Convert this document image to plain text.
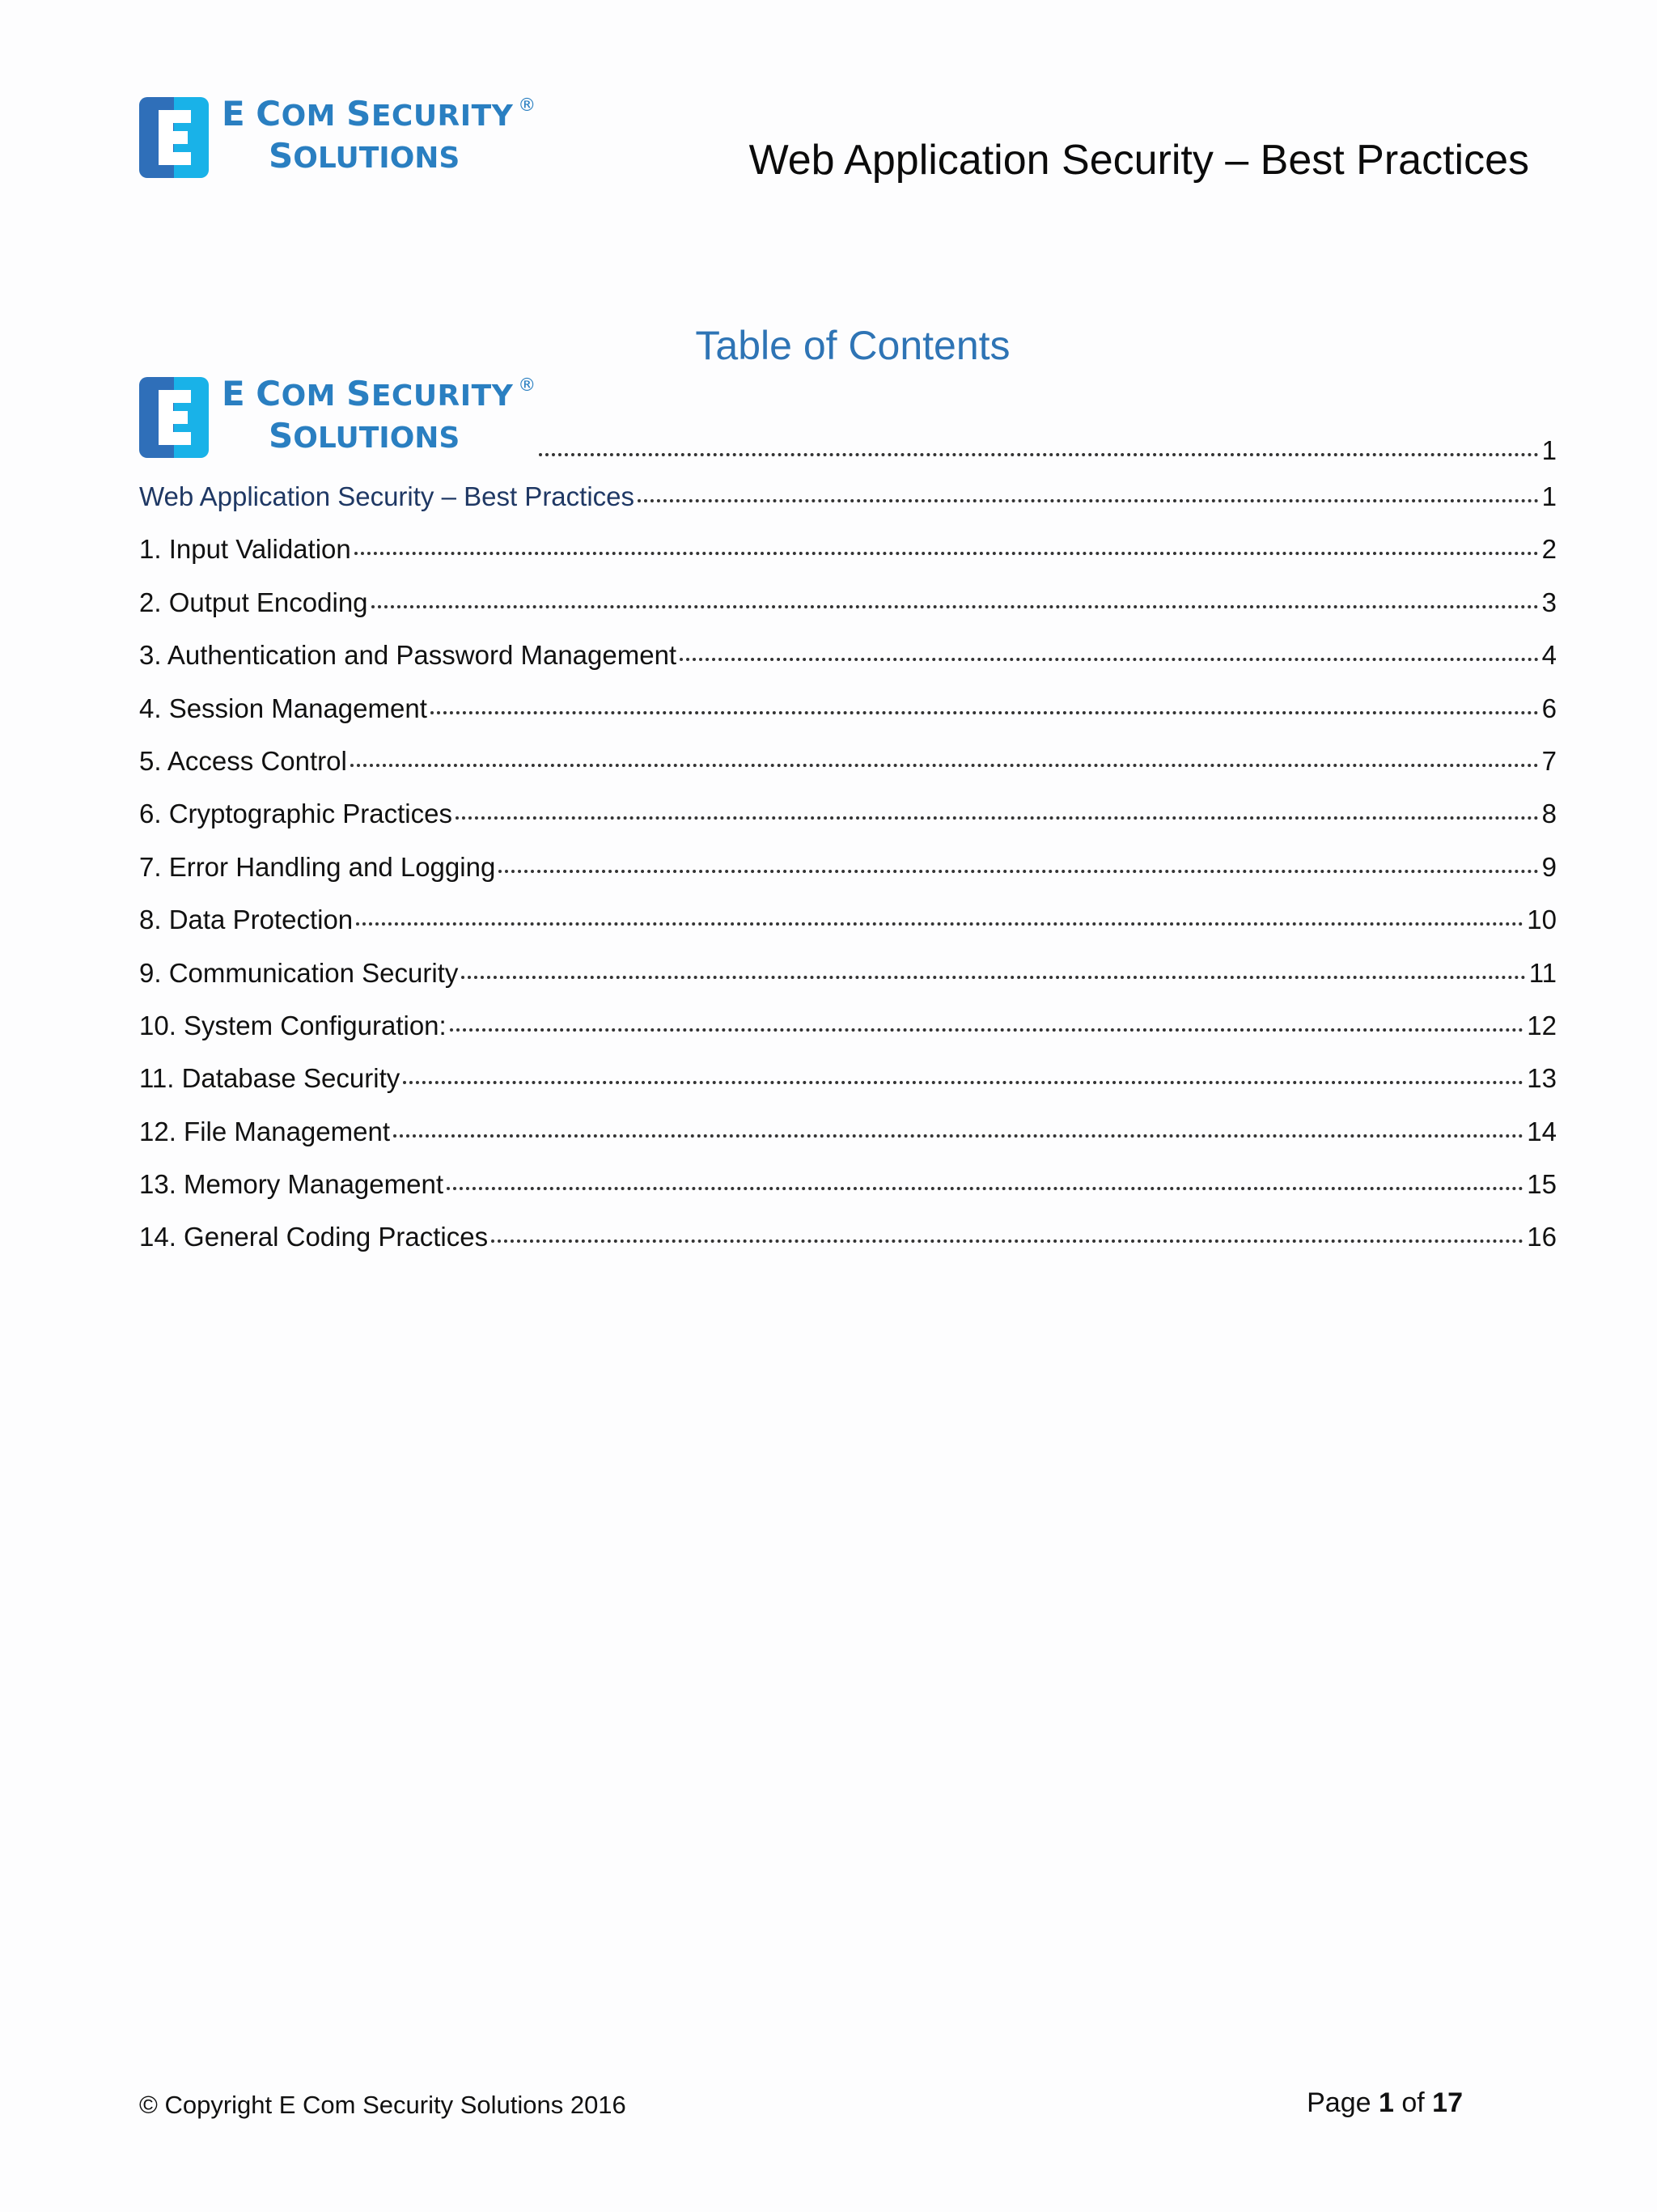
E COM SECURITY ®
SOLUTIONS	Web Application Security – Best Practices
Table of Contents
E COM SECURITY ®
SOLUTIONS	1
Web Application Security – Best Practices	1
1. Input Validation	2
2. Output Encoding	3
3. Authentication and Password Management	4
4. Session Management	6
5. Access Control	7
6. Cryptographic Practices	8
7. Error Handling and Logging	9
8. Data Protection	10
9. Communication Security	11
10. System Configuration:	12
11. Database Security	13
12. File Management	14
13. Memory Management	15
14. General Coding Practices	16
© Copyright E Com Security Solutions 2016	Page 1 of 17
